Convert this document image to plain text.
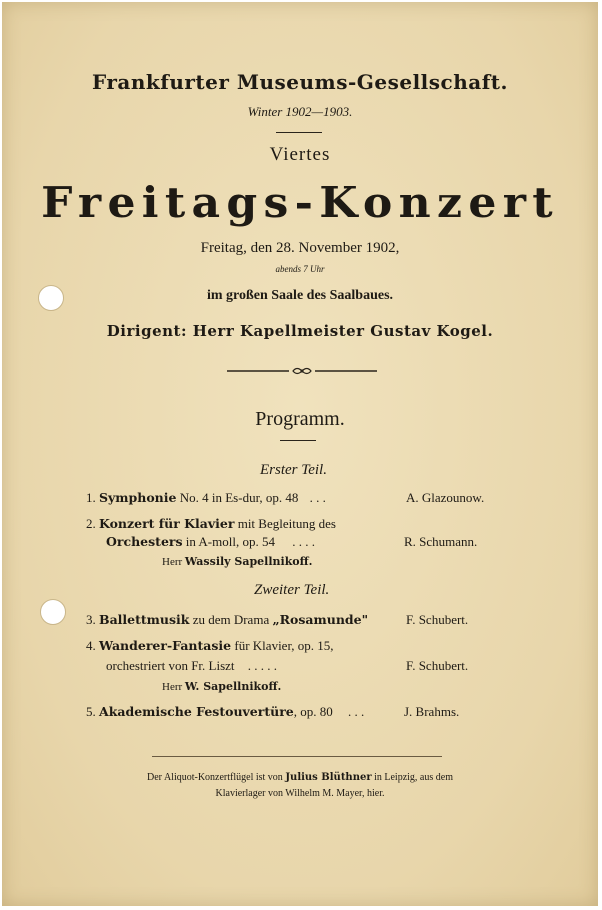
Frankfurter Museums-Gesellschaft.
Winter 1902—1903.
Viertes
Freitags-Konzert
Freitag, den 28. November 1902,
abends 7 Uhr
im großen Saale des Saalbaues.
Dirigent: Herr Kapellmeister Gustav Kogel.
Programm.
Erster Teil.
1. Symphonie No. 4 in Es-dur, op. 48 . . .	A. Glazounow.
2. Konzert für Klavier mit Begleitung des
Orchesters in A-moll, op. 54 . . . .	R. Schumann.
Herr Wassily Sapellnikoff.
Zweiter Teil.
3. Ballettmusik zu dem Drama „Rosamunde"	F. Schubert.
4. Wanderer-Fantasie für Klavier, op. 15,
orchestriert von Fr. Liszt . . . . .	F. Schubert.
Herr W. Sapellnikoff.
5. Akademische Festouvertüre, op. 80 . . .	J. Brahms.
Der Aliquot-Konzertflügel ist von Julius Blüthner in Leipzig, aus dem
Klavierlager von Wilhelm M. Mayer, hier.
